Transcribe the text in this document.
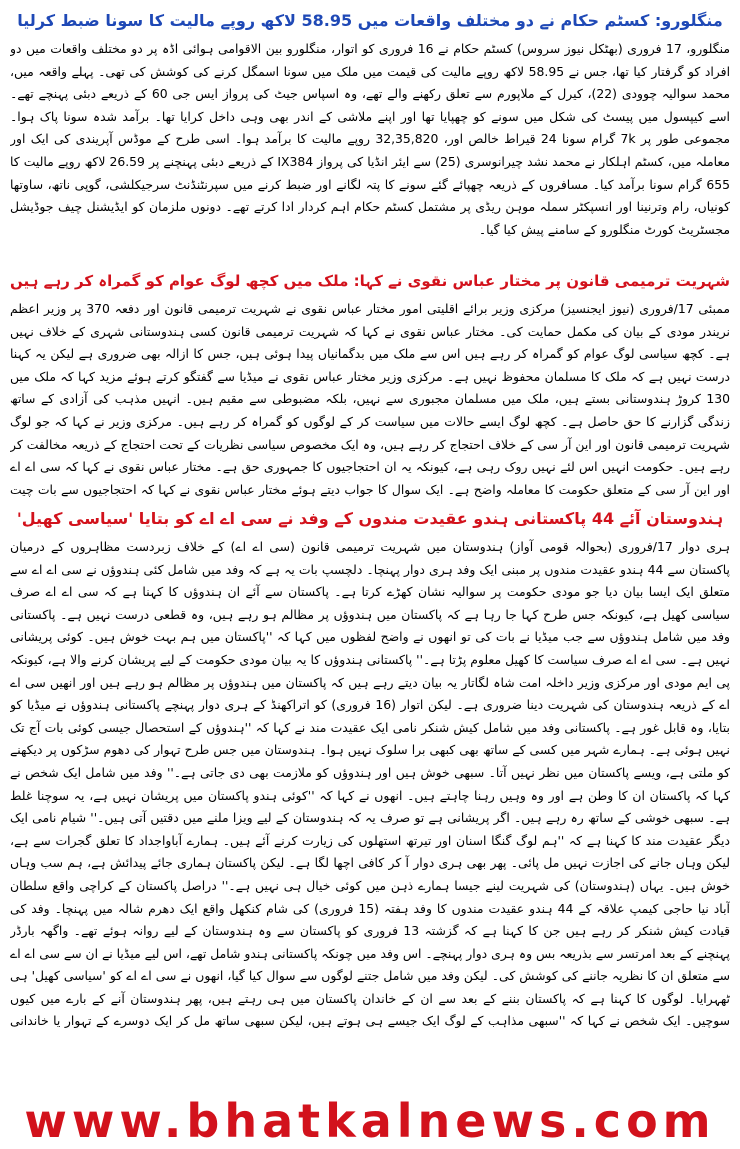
منگلورو: کسٹم حکام نے دو مختلف واقعات میں 58.95 لاکھ روپے مالیت کا سونا ضبط کرلیا

منگلورو، 17 فروری (بھٹکل نیوز سروس) کسٹم حکام نے 16 فروری کو اتوار، منگلورو بین الاقوامی ہوائی اڈہ پر دو مختلف واقعات میں دو افراد کو گرفتار کیا تھا، جس نے 58.95 لاکھ روپے مالیت کی قیمت میں ملک میں سونا اسمگل کرنے کی کوشش کی تھی۔ پہلے واقعہ میں، محمد سوالیہ چوودی (22)، کیرل کے ملاپورم سے تعلق رکھنے والے تھے، وہ اسپاس جیٹ کی پرواز ایس جی 60 کے ذریعے دبئی پہنچے تھے۔ اسے کیپسول میں پیسٹ کی شکل میں سونے کو چھپایا تھا اور اپنے ملاشی کے اندر بھی وہی داخل کرایا تھا۔ برآمد شدہ سونا پاک ہوا۔ مجموعی طور پر 7k گرام سونا 24 قیراط خالص اور، 32,35,820 روپے مالیت کا برآمد ہوا۔ اسی طرح کے موڈس آپریندی کی ایک اور معاملہ میں، کسٹم اہلکار نے محمد نشد چیرانوسری (25) سے ایئر انڈیا کی پرواز IX384 کے ذریعے دبئی پہنچنے پر 26.59 لاکھ روپے مالیت کا 655 گرام سونا برآمد کیا۔ مسافروں کے ذریعہ چھپائے گئے سونے کا پتہ لگانے اور ضبط کرنے میں سپرنٹنڈنٹ سرجیکلشی، گوپی ناتھ، ساوتھا کونیاں، رام وترنینا اور انسپکٹر سملہ موہن ریڈی پر مشتمل کسٹم حکام اہم کردار ادا کرتے تھے۔ دونوں ملزمان کو ایڈیشنل چیف جوڈیشل مجسٹریٹ کورٹ منگلورو کے سامنے پیش کیا گیا۔

شہریت ترمیمی قانون پر مختار عباس نقوی نے کہا: ملک میں کچھ لوگ عوام کو گمراہ کر رہے ہیں

ممبئی 17/فروری (نیوز ایجنسیز) مرکزی وزیر برائے اقلیتی امور مختار عباس نقوی نے شہریت ترمیمی قانون اور دفعہ 370 پر وزیر اعظم نریندر مودی کے بیان کی مکمل حمایت کی۔ مختار عباس نقوی نے کہا کہ شہریت ترمیمی قانون کسی ہندوستانی شہری کے خلاف نہیں ہے۔ کچھ سیاسی لوگ عوام کو گمراہ کر رہے ہیں اس سے ملک میں بدگمانیاں پیدا ہوئی ہیں، جس کا ازالہ بھی ضروری ہے لیکن یہ کہنا درست نہیں ہے کہ ملک کا مسلمان محفوظ نہیں ہے۔ مرکزی وزیر مختار عباس نقوی نے میڈیا سے گفتگو کرتے ہوئے مزید کہا کہ ملک میں 130 کروڑ ہندوستانی بستے ہیں، ملک میں مسلمان مجبوری سے نہیں، بلکہ مضبوطی سے مقیم ہیں۔ انہیں مذہب کی آزادی کے ساتھ زندگی گزارنے کا حق حاصل ہے۔ کچھ لوگ ایسے حالات میں سیاست کر کے لوگوں کو گمراہ کر رہے ہیں۔ مرکزی وزیر نے کہا کہ جو لوگ شہریت ترمیمی قانون اور این آر سی کے خلاف احتجاج کر رہے ہیں، وہ ایک مخصوص سیاسی نظریات کے تحت احتجاج کے ذریعہ مخالفت کر رہے ہیں۔ حکومت انہیں اس لئے نہیں روک رہی ہے، کیونکہ یہ ان احتجاجیوں کا جمہوری حق ہے۔ مختار عباس نقوی نے کہا کہ سی اے اے اور این آر سی کے متعلق حکومت کا معاملہ واضح ہے۔ ایک سوال کا جواب دیتے ہوئے مختار عباس نقوی نے کہا کہ احتجاجیوں سے بات چیت

ہندوستان آئے 44 پاکستانی ہندو عقیدت مندوں کے وفد نے سی اے اے کو بتایا 'سیاسی کھیل'

ہری دوار 17/فروری (بحوالہ قومی آواز) ہندوستان میں شہریت ترمیمی قانون (سی اے اے) کے خلاف زبردست مظاہروں کے درمیان پاکستان سے 44 ہندو عقیدت مندوں پر مبنی ایک وفد ہری دوار پہنچا۔ دلچسپ بات یہ ہے کہ وفد میں شامل کئی ہندوؤں نے سی اے اے سے متعلق ایک ایسا بیان دیا جو مودی حکومت پر سوالیہ نشان کھڑے کرتا ہے۔ پاکستان سے آئے ان ہندوؤں کا کہنا ہے کہ سی اے اے صرف سیاسی کھیل ہے، کیونکہ جس طرح کہا جا رہا ہے کہ پاکستان میں ہندوؤں پر مظالم ہو رہے ہیں، وہ قطعی درست نہیں ہے۔ پاکستانی وفد میں شامل ہندوؤں سے جب میڈیا نے بات کی تو انھوں نے واضح لفظوں میں کہا کہ ''پاکستان میں ہم بہت خوش ہیں۔ کوئی پریشانی نہیں ہے۔ سی اے اے صرف سیاست کا کھیل معلوم پڑتا ہے۔'' پاکستانی ہندوؤں کا یہ بیان مودی حکومت کے لیے پریشان کرنے والا ہے، کیونکہ پی ایم مودی اور مرکزی وزیر داخلہ امت شاہ لگاتار یہ بیان دیتے رہے ہیں کہ پاکستان میں ہندوؤں پر مظالم ہو رہے ہیں اور انھیں سی اے اے کے ذریعہ ہندوستان کی شہریت دینا ضروری ہے۔ لیکن اتوار (16 فروری) کو اتراکھنڈ کے ہری دوار پہنچے پاکستانی ہندوؤں نے میڈیا کو بتایا، وہ قابل غور ہے۔ پاکستانی وفد میں شامل کیش شنکر نامی ایک عقیدت مند نے کہا کہ ''ہندوؤں کے استحصال جیسی کوئی بات آج تک نہیں ہوئی ہے۔ ہمارے شہر میں کسی کے ساتھ بھی کبھی برا سلوک نہیں ہوا۔ ہندوستان میں جس طرح تہوار کی دھوم سڑکوں پر دیکھنے کو ملتی ہے، ویسے پاکستان میں نظر نہیں آتا۔ سبھی خوش ہیں اور ہندوؤں کو ملازمت بھی دی جاتی ہے۔'' وفد میں شامل ایک شخص نے کہا کہ پاکستان ان کا وطن ہے اور وہ وہیں رہنا چاہتے ہیں۔ انھوں نے کہا کہ ''کوئی ہندو پاکستان میں پریشان نہیں ہے، یہ سوچنا غلط ہے۔ سبھی خوشی کے ساتھ رہ رہے ہیں۔ اگر پریشانی ہے تو صرف یہ کہ ہندوستان کے لیے ویزا ملنے میں دقتیں آتی ہیں۔'' شیام نامی ایک دیگر عقیدت مند کا کہنا ہے کہ ''ہم لوگ گنگا اسنان اور تیرتھ استھلوں کی زیارت کرنے آئے ہیں۔ ہمارے آباواجداد کا تعلق گجرات سے ہے، لیکن وہاں جانے کی اجازت نہیں مل پائی۔ پھر بھی ہری دوار آ کر کافی اچھا لگا ہے۔ لیکن پاکستان ہماری جائے پیدائش ہے، ہم سب وہاں خوش ہیں۔ یہاں (ہندوستان) کی شہریت لینے جیسا ہمارے ذہن میں کوئی خیال ہی نہیں ہے۔'' دراصل پاکستان کے کراچی واقع سلطان آباد نیا حاجی کیمپ علاقہ کے 44 ہندو عقیدت مندوں کا وفد ہفتہ (15 فروری) کی شام کنکھل واقع ایک دھرم شالہ میں پہنچا۔ وفد کی قیادت کیش شنکر کر رہے ہیں جن کا کہنا ہے کہ گزشتہ 13 فروری کو پاکستان سے وہ ہندوستان کے لیے روانہ ہوئے تھے۔ واگھہ بارڈر پہنچنے کے بعد امرتسر سے بذریعہ بس وہ ہری دوار پہنچے۔ اس وفد میں چونکہ پاکستانی ہندو شامل تھے، اس لیے میڈیا نے ان سے سی اے اے سے متعلق ان کا نظریہ جاننے کی کوشش کی۔ لیکن وفد میں شامل جتنے لوگوں سے سوال کیا گیا، انھوں نے سی اے اے کو 'سیاسی کھیل' ہی ٹھہرایا۔ لوگوں کا کہنا ہے کہ پاکستان بننے کے بعد سے ان کے خاندان پاکستان میں ہی رہتے ہیں، پھر ہندوستان آنے کے بارے میں کیوں سوچیں۔ ایک شخص نے کہا کہ ''سبھی مذاہب کے لوگ ایک جیسے ہی ہوتے ہیں، لیکن سبھی ساتھ مل کر ایک دوسرے کے تہوار یا خاندانی

www.bhatkalnews.com
